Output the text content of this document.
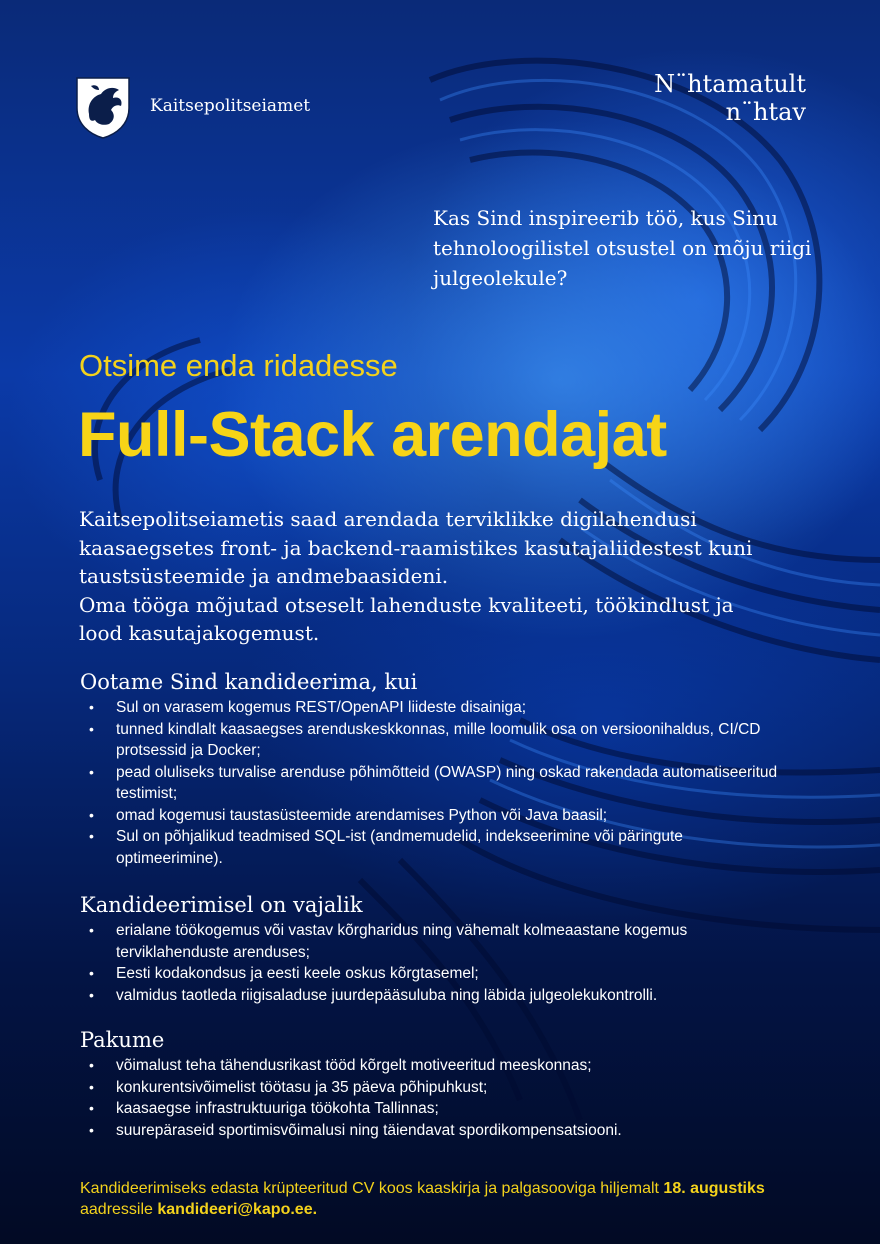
Kaitsepolitseiamet
N¨htamatult
n¨htav
Kas Sind inspireerib töö, kus Sinu tehnoloogilistel otsustel on mõju riigi julgeolekule?
Otsime enda ridadesse
Full-Stack arendajat

Kaitsepolitseiametis saad arendada terviklikke digilahendusi kaasaegsetes front- ja backend-raamistikes kasutajaliidestest kuni taustsüsteemide ja andmebaasideni.

Oma tööga mõjutad otseselt lahenduste kvaliteeti, töökindlust ja lood kasutajakogemust.

Ootame Sind kandideerima, kui
• Sul on varasem kogemus REST/OpenAPI liideste disainiga;
• tunned kindlalt kaasaegses arenduskeskkonnas, mille loomulik osa on versioonihaldus, CI/CD protsessid ja Docker;
• pead oluliseks turvalise arenduse põhimõtteid (OWASP) ning oskad rakendada automatiseeritud testimist;
• omad kogemusi taustasüsteemide arendamises Python või Java baasil;
• Sul on põhjalikud teadmised SQL-ist (andmemudelid, indekseerimine või päringute optimeerimine).
Kandideerimisel on vajalik
• erialane töökogemus või vastav kõrgharidus ning vähemalt kolmeaastane kogemus terviklahenduste arenduses;
• Eesti kodakondsus ja eesti keele oskus kõrgtasemel;
• valmidus taotleda riigisaladuse juurdepääsuluba ning läbida julgeolekukontrolli.
Pakume
• võimalust teha tähendusrikast tööd kõrgelt motiveeritud meeskonnas;
• konkurentsivõimelist töötasu ja 35 päeva põhipuhkust;
• kaasaegse infrastruktuuriga töökohta Tallinnas;
• suurepäraseid sportimisvõimalusi ning täiendavat spordikompensatsiooni.
Kandideerimiseks edasta krüpteeritud CV koos kaaskirja ja palgasooviga hiljemalt 18. augustiks aadressile kandideeri@kapo.ee.
